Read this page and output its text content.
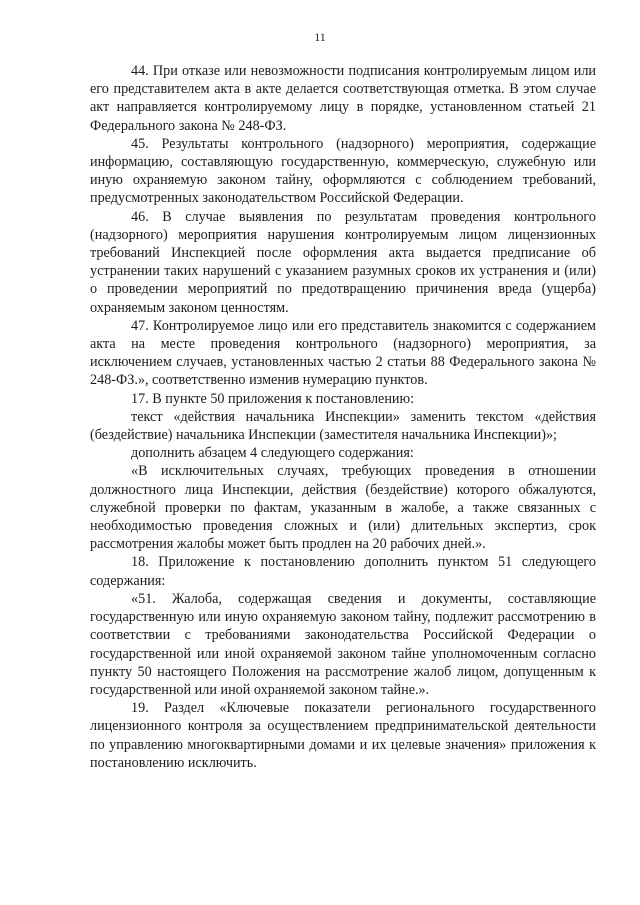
11

44. При отказе или невозможности подписания контролируемым лицом или его представителем акта в акте делается соответствующая отметка. В этом случае акт направляется контролируемому лицу в порядке, установленном статьей 21 Федерального закона № 248-ФЗ.

45. Результаты контрольного (надзорного) мероприятия, содержащие информацию, составляющую государственную, коммерческую, служебную или иную охраняемую законом тайну, оформляются с соблюдением требований, предусмотренных законодательством Российской Федерации.

46. В случае выявления по результатам проведения контрольного (надзорного) мероприятия нарушения контролируемым лицом лицензионных требований Инспекцией после оформления акта выдается предписание об устранении таких нарушений с указанием разумных сроков их устранения и (или) о проведении мероприятий по предотвращению причинения вреда (ущерба) охраняемым законом ценностям.

47. Контролируемое лицо или его представитель знакомится с содержанием акта на месте проведения контрольного (надзорного) мероприятия, за исключением случаев, установленных частью 2 статьи 88 Федерального закона № 248-ФЗ.», соответственно изменив нумерацию пунктов.

17. В пункте 50 приложения к постановлению:

текст «действия начальника Инспекции» заменить текстом «действия (бездействие) начальника Инспекции (заместителя начальника Инспекции)»;

дополнить абзацем 4 следующего содержания:

«В исключительных случаях, требующих проведения в отношении должностного лица Инспекции, действия (бездействие) которого обжалуются, служебной проверки по фактам, указанным в жалобе, а также связанных с необходимостью проведения сложных и (или) длительных экспертиз, срок рассмотрения жалобы может быть продлен на 20 рабочих дней.».

18. Приложение к постановлению дополнить пунктом 51 следующего содержания:

«51. Жалоба, содержащая сведения и документы, составляющие государственную или иную охраняемую законом тайну, подлежит рассмотрению в соответствии с требованиями законодательства Российской Федерации о государственной или иной охраняемой законом тайне уполномоченным согласно пункту 50 настоящего Положения на рассмотрение жалоб лицом, допущенным к государственной или иной охраняемой законом тайне.».

19. Раздел «Ключевые показатели регионального государственного лицензионного контроля за осуществлением предпринимательской деятельности по управлению многоквартирными домами и их целевые значения» приложения к постановлению исключить.
